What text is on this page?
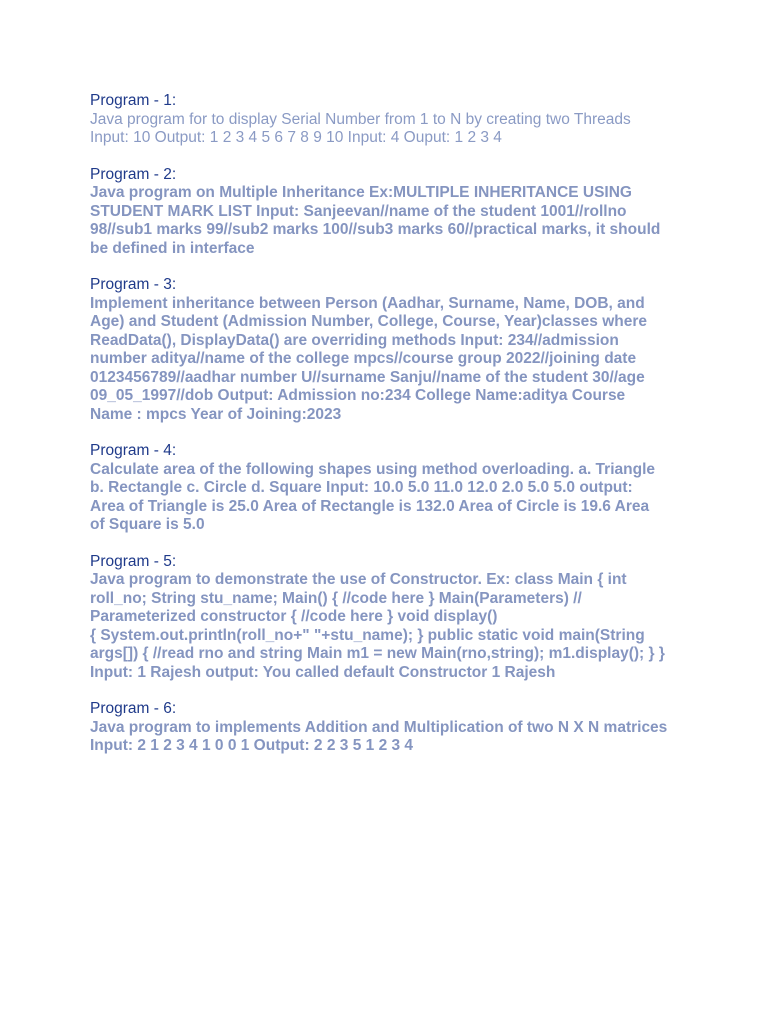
Program - 1:

Java program for to display Serial Number from 1 to N by creating two Threads
Input: 10 Output: 1 2 3 4 5 6 7 8 9 10 Input: 4 Ouput: 1 2 3 4

Program - 2:

Java program on Multiple Inheritance Ex:MULTIPLE INHERITANCE USING
STUDENT MARK LIST Input: Sanjeevan//name of the student 1001//rollno
98//sub1 marks 99//sub2 marks 100//sub3 marks 60//practical marks, it should
be defined in interface

Program - 3:

Implement inheritance between Person (Aadhar, Surname, Name, DOB, and
Age) and Student (Admission Number, College, Course, Year)classes where
ReadData(), DisplayData() are overriding methods Input: 234//admission
number aditya//name of the college mpcs//course group 2022//joining date
0123456789//aadhar number U//surname Sanju//name of the student 30//age
09_05_1997//dob Output: Admission no:234 College Name:aditya Course
Name : mpcs Year of Joining:2023

Program - 4:

Calculate area of the following shapes using method overloading. a. Triangle
b. Rectangle c. Circle d. Square Input: 10.0 5.0 11.0 12.0 2.0 5.0 5.0 output:
Area of Triangle is 25.0 Area of Rectangle is 132.0 Area of Circle is 19.6 Area
of Square is 5.0

Program - 5:

Java program to demonstrate the use of Constructor. Ex: class Main { int
roll_no; String stu_name; Main() { //code here } Main(Parameters) //
Parameterized constructor { //code here } void display()
{ System.out.println(roll_no+" "+stu_name); } public static void main(String
args[]) { //read rno and string Main m1 = new Main(rno,string); m1.display(); } }
Input: 1 Rajesh output: You called default Constructor 1 Rajesh

Program - 6:

Java program to implements Addition and Multiplication of two N X N matrices
Input: 2 1 2 3 4 1 0 0 1 Output: 2 2 3 5 1 2 3 4
